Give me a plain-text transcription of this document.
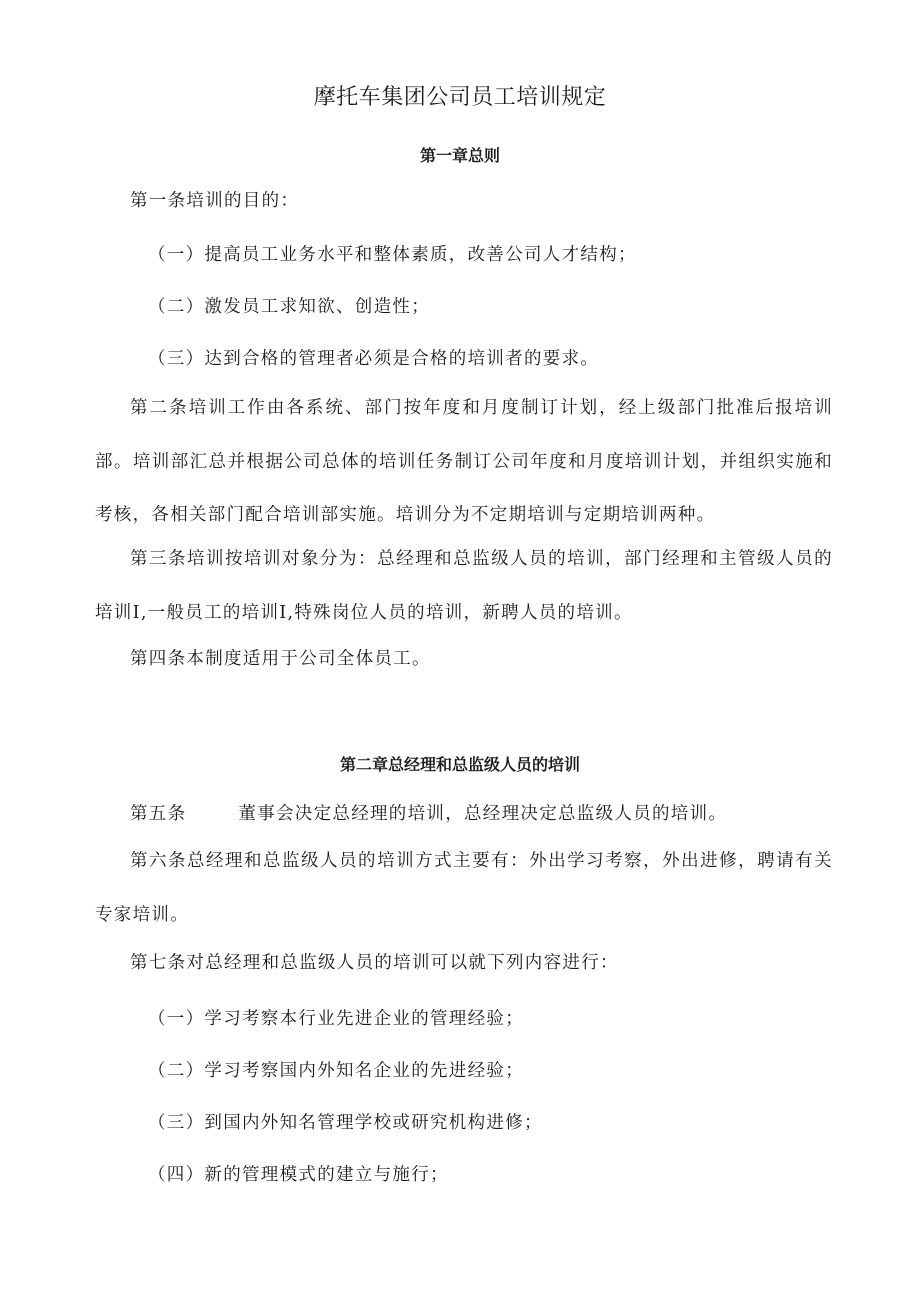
摩托车集团公司员工培训规定
第一章总则

第一条培训的目的：

（一）提高员工业务水平和整体素质，改善公司人才结构；

（二）激发员工求知欲、创造性；

（三）达到合格的管理者必须是合格的培训者的要求。

第二条培训工作由各系统、部门按年度和月度制订计划，经上级部门批准后报培训部。培训部汇总并根据公司总体的培训任务制订公司年度和月度培训计划，并组织实施和考核，各相关部门配合培训部实施。培训分为不定期培训与定期培训两种。

第三条培训按培训对象分为：总经理和总监级人员的培训，部门经理和主管级人员的培训I,一般员工的培训I,特殊岗位人员的培训，新聘人员的培训。

第四条本制度适用于公司全体员工。

第二章总经理和总监级人员的培训

第五条	董事会决定总经理的培训，总经理决定总监级人员的培训。

第六条总经理和总监级人员的培训方式主要有：外出学习考察，外出进修，聘请有关专家培训。

第七条对总经理和总监级人员的培训可以就下列内容进行：

（一）学习考察本行业先进企业的管理经验；

（二）学习考察国内外知名企业的先进经验；

（三）到国内外知名管理学校或研究机构进修；

（四）新的管理模式的建立与施行；
